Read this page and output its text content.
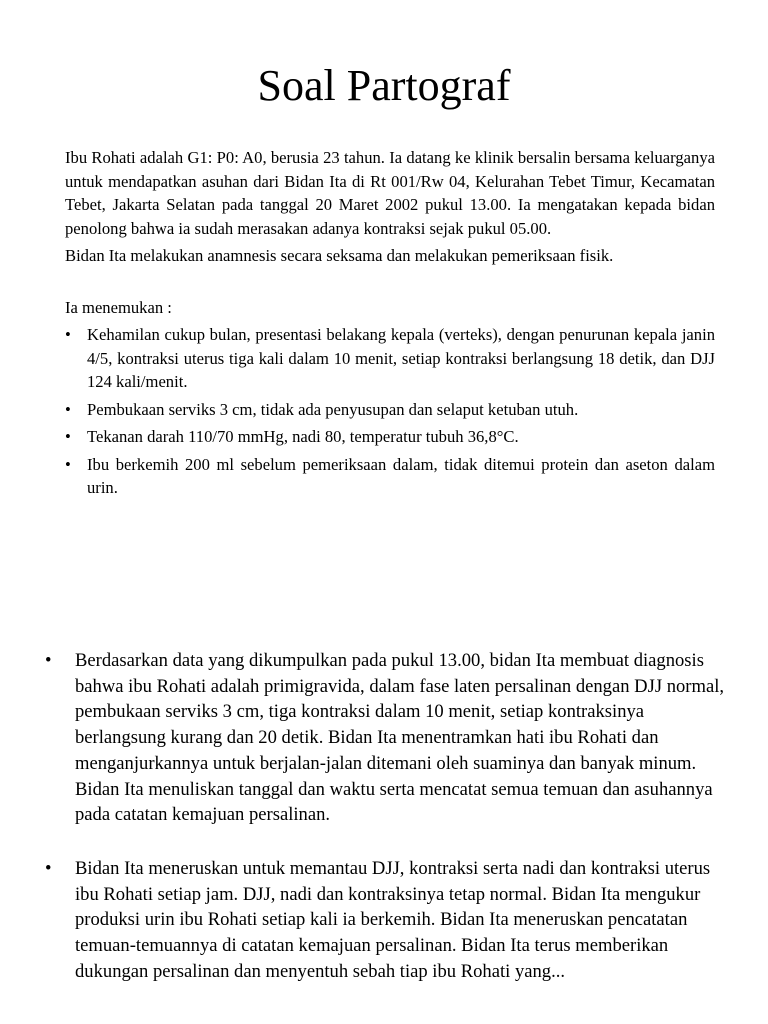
Soal Partograf

Ibu Rohati adalah G1: P0: A0, berusia 23 tahun. Ia datang ke klinik bersalin bersama keluarganya untuk mendapatkan asuhan dari Bidan Ita di Rt 001/Rw 04, Kelurahan Tebet Timur, Kecamatan Tebet, Jakarta Selatan pada tanggal 20 Maret 2002 pukul 13.00. Ia mengatakan kepada bidan penolong bahwa ia sudah merasakan adanya kontraksi sejak pukul 05.00.

Bidan Ita melakukan anamnesis secara seksama dan melakukan pemeriksaan fisik.

Ia menemukan :

• Kehamilan cukup bulan, presentasi belakang kepala (verteks), dengan penurunan kepala janin 4/5, kontraksi uterus tiga kali dalam 10 menit, setiap kontraksi berlangsung 18 detik, dan DJJ 124 kali/menit.
• Pembukaan serviks 3 cm, tidak ada penyusupan dan selaput ketuban utuh.
• Tekanan darah 110/70 mmHg, nadi 80, temperatur tubuh 36,8°C.
• Ibu berkemih 200 ml sebelum pemeriksaan dalam, tidak ditemui protein dan aseton dalam urin.
• Berdasarkan data yang dikumpulkan pada pukul 13.00, bidan Ita membuat diagnosis bahwa ibu Rohati adalah primigravida, dalam fase laten persalinan dengan DJJ normal, pembukaan serviks 3 cm, tiga kontraksi dalam 10 menit, setiap kontraksinya berlangsung kurang dan 20 detik. Bidan Ita menentramkan hati ibu Rohati dan menganjurkannya untuk berjalan-jalan ditemani oleh suaminya dan banyak minum. Bidan Ita menuliskan tanggal dan waktu serta mencatat semua temuan dan asuhannya pada catatan kemajuan persalinan.
• Bidan Ita meneruskan untuk memantau DJJ, kontraksi serta nadi dan kontraksi uterus ibu Rohati setiap jam. DJJ, nadi dan kontraksinya tetap normal. Bidan Ita mengukur produksi urin ibu Rohati setiap kali ia berkemih. Bidan Ita meneruskan pencatatan temuan-temuannya di catatan kemajuan persalinan. Bidan Ita terus memberikan dukungan persalinan dan menyentuh sebah tiap ibu Rohati yang...
